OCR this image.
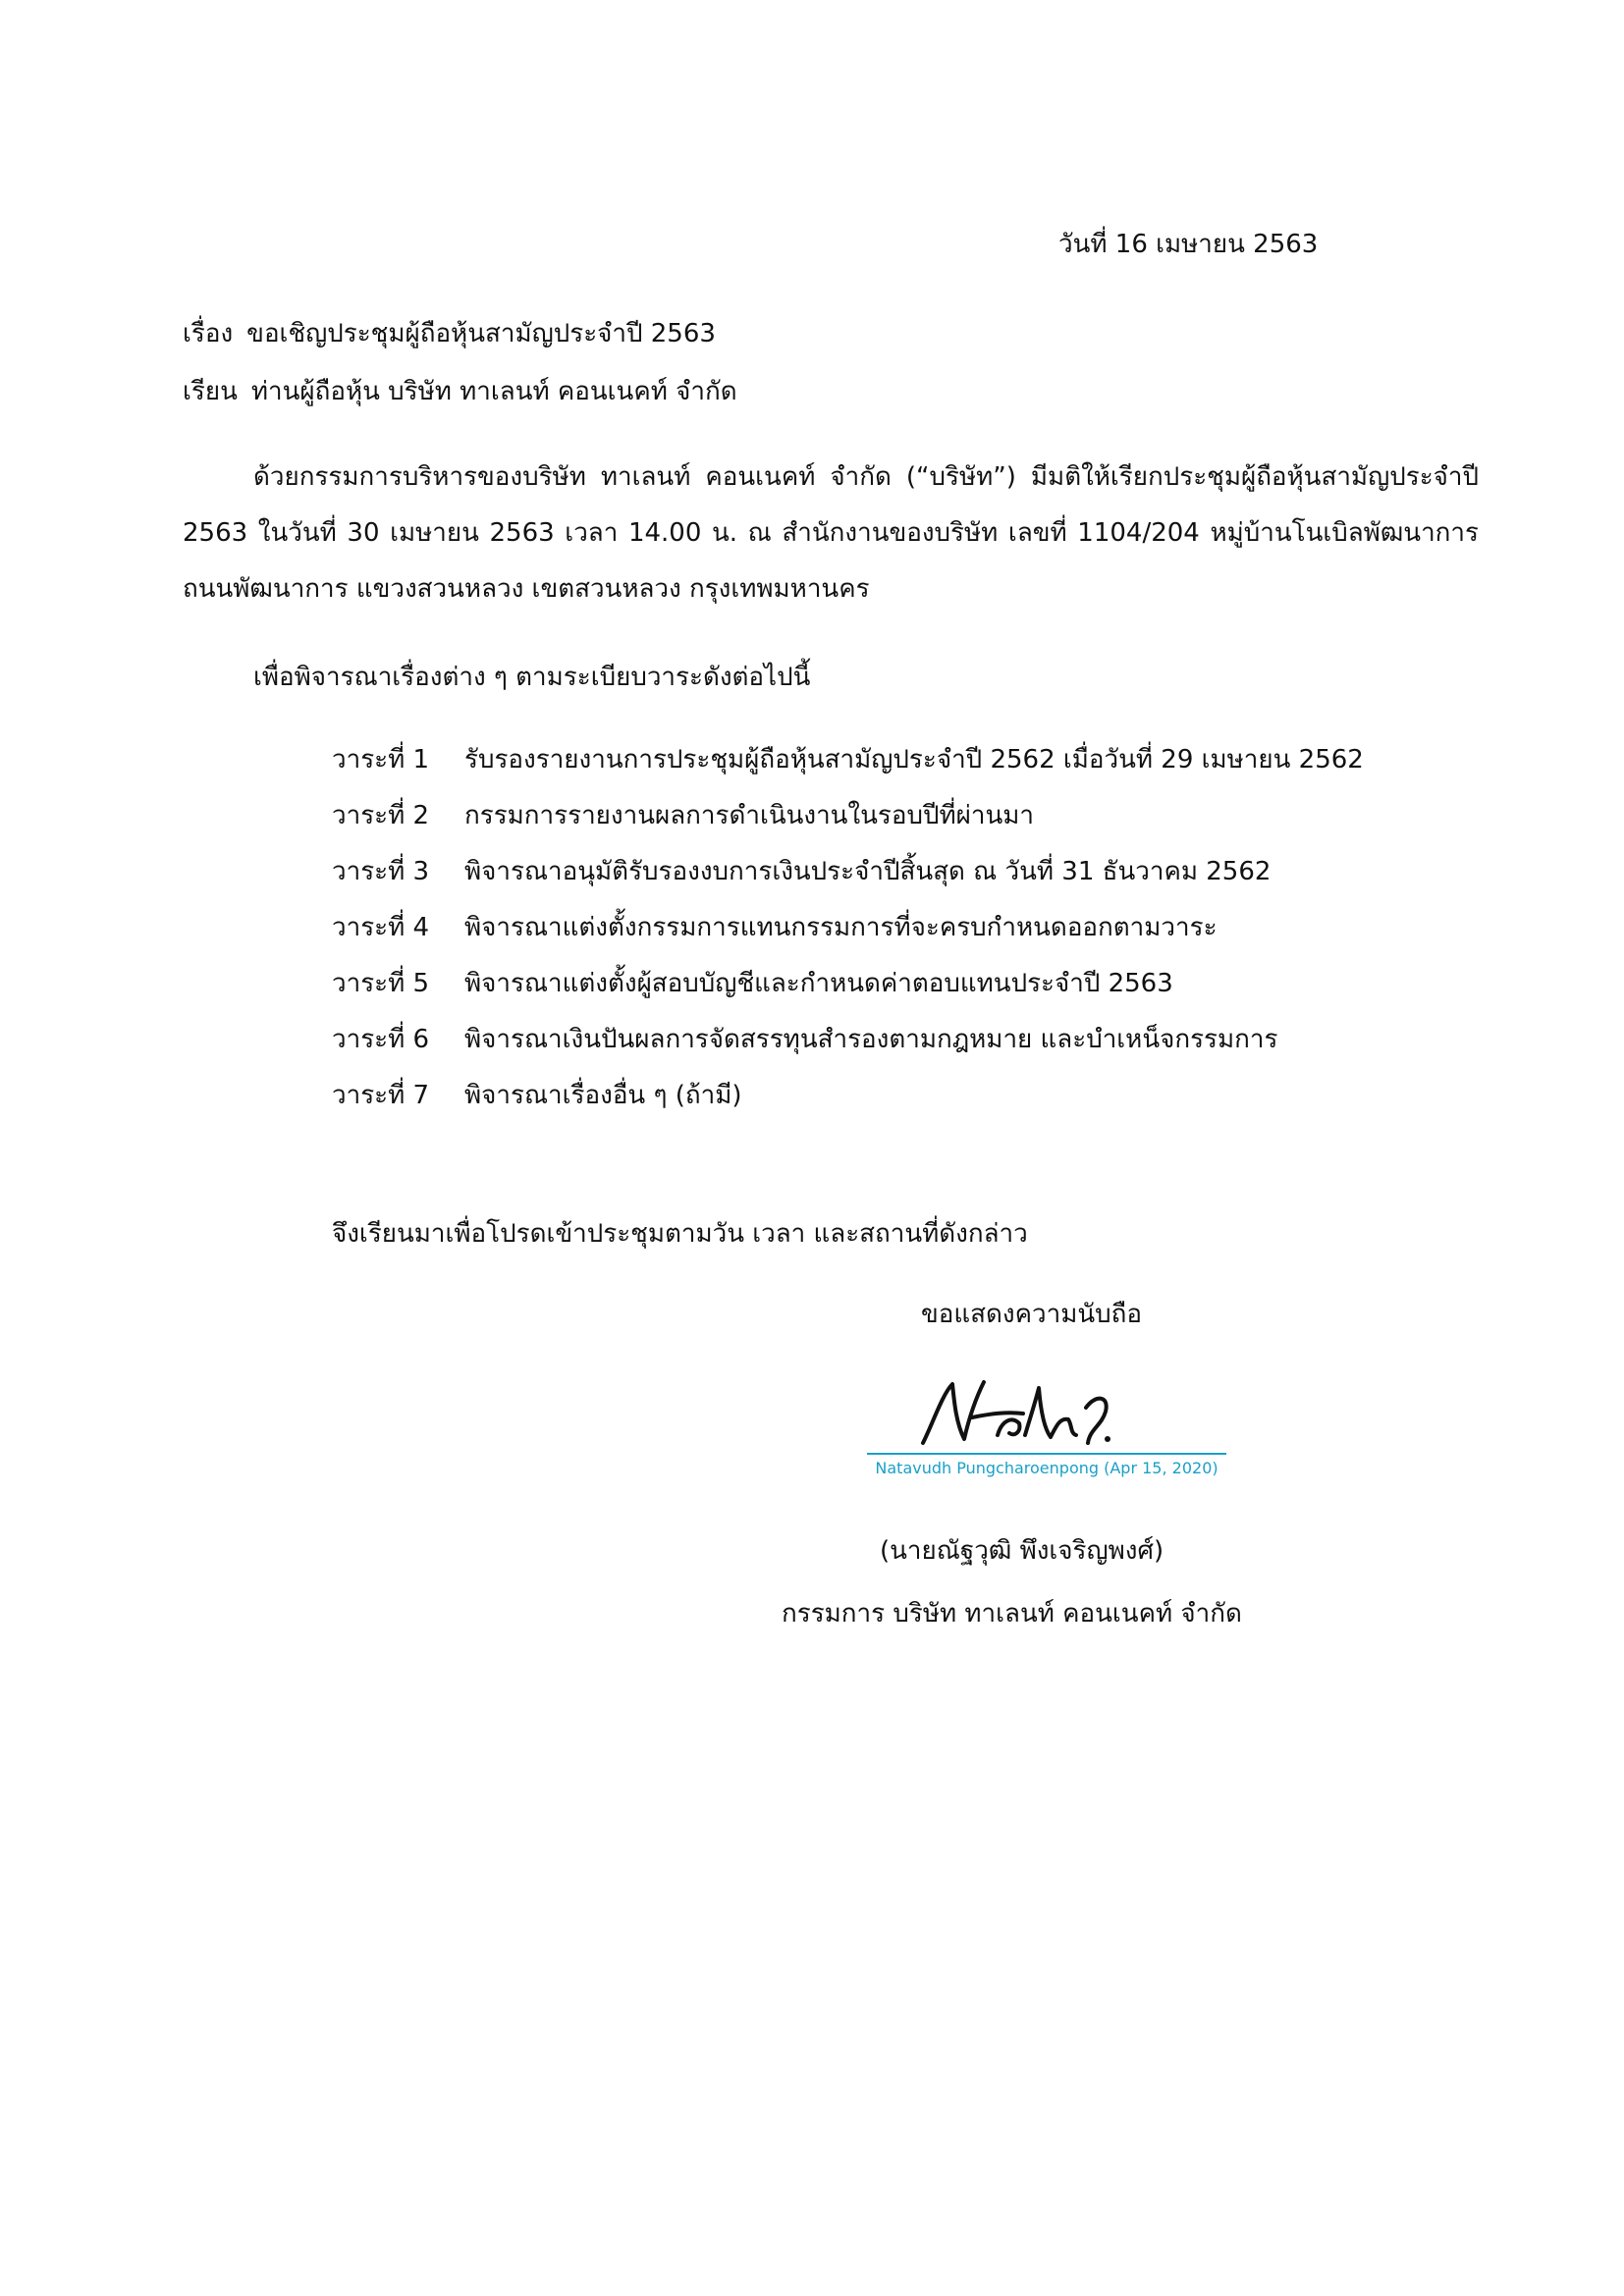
วันที่ 16 เมษายน 2563
เรื่อง ขอเชิญประชุมผู้ถือหุ้นสามัญประจำปี 2563
เรียน ท่านผู้ถือหุ้น บริษัท ทาเลนท์ คอนเนคท์ จำกัด
ด้วยกรรมการบริหารของบริษัท ทาเลนท์ คอนเนคท์ จำกัด (“บริษัท”) มีมติให้เรียกประชุมผู้ถือหุ้นสามัญประจำปี 2563 ในวันที่ 30 เมษายน 2563 เวลา 14.00 น. ณ สำนักงานของบริษัท เลขที่ 1104/204 หมู่บ้านโนเบิลพัฒนาการ ถนนพัฒนาการ แขวงสวนหลวง เขตสวนหลวง กรุงเทพมหานคร
เพื่อพิจารณาเรื่องต่าง ๆ ตามระเบียบวาระดังต่อไปนี้
วาระที่ 1	รับรองรายงานการประชุมผู้ถือหุ้นสามัญประจำปี 2562 เมื่อวันที่ 29 เมษายน 2562
วาระที่ 2	กรรมการรายงานผลการดำเนินงานในรอบปีที่ผ่านมา
วาระที่ 3	พิจารณาอนุมัติรับรองงบการเงินประจำปีสิ้นสุด ณ วันที่ 31 ธันวาคม 2562
วาระที่ 4	พิจารณาแต่งตั้งกรรมการแทนกรรมการที่จะครบกำหนดออกตามวาระ
วาระที่ 5	พิจารณาแต่งตั้งผู้สอบบัญชีและกำหนดค่าตอบแทนประจำปี 2563
วาระที่ 6	พิจารณาเงินปันผลการจัดสรรทุนสำรองตามกฎหมาย และบำเหน็จกรรมการ
วาระที่ 7	พิจารณาเรื่องอื่น ๆ (ถ้ามี)
จึงเรียนมาเพื่อโปรดเข้าประชุมตามวัน เวลา และสถานที่ดังกล่าว
ขอแสดงความนับถือ
Natavudh Pungcharoenpong (Apr 15, 2020)
(นายณัฐวุฒิ พึงเจริญพงศ์)
กรรมการ บริษัท ทาเลนท์ คอนเนคท์ จำกัด
